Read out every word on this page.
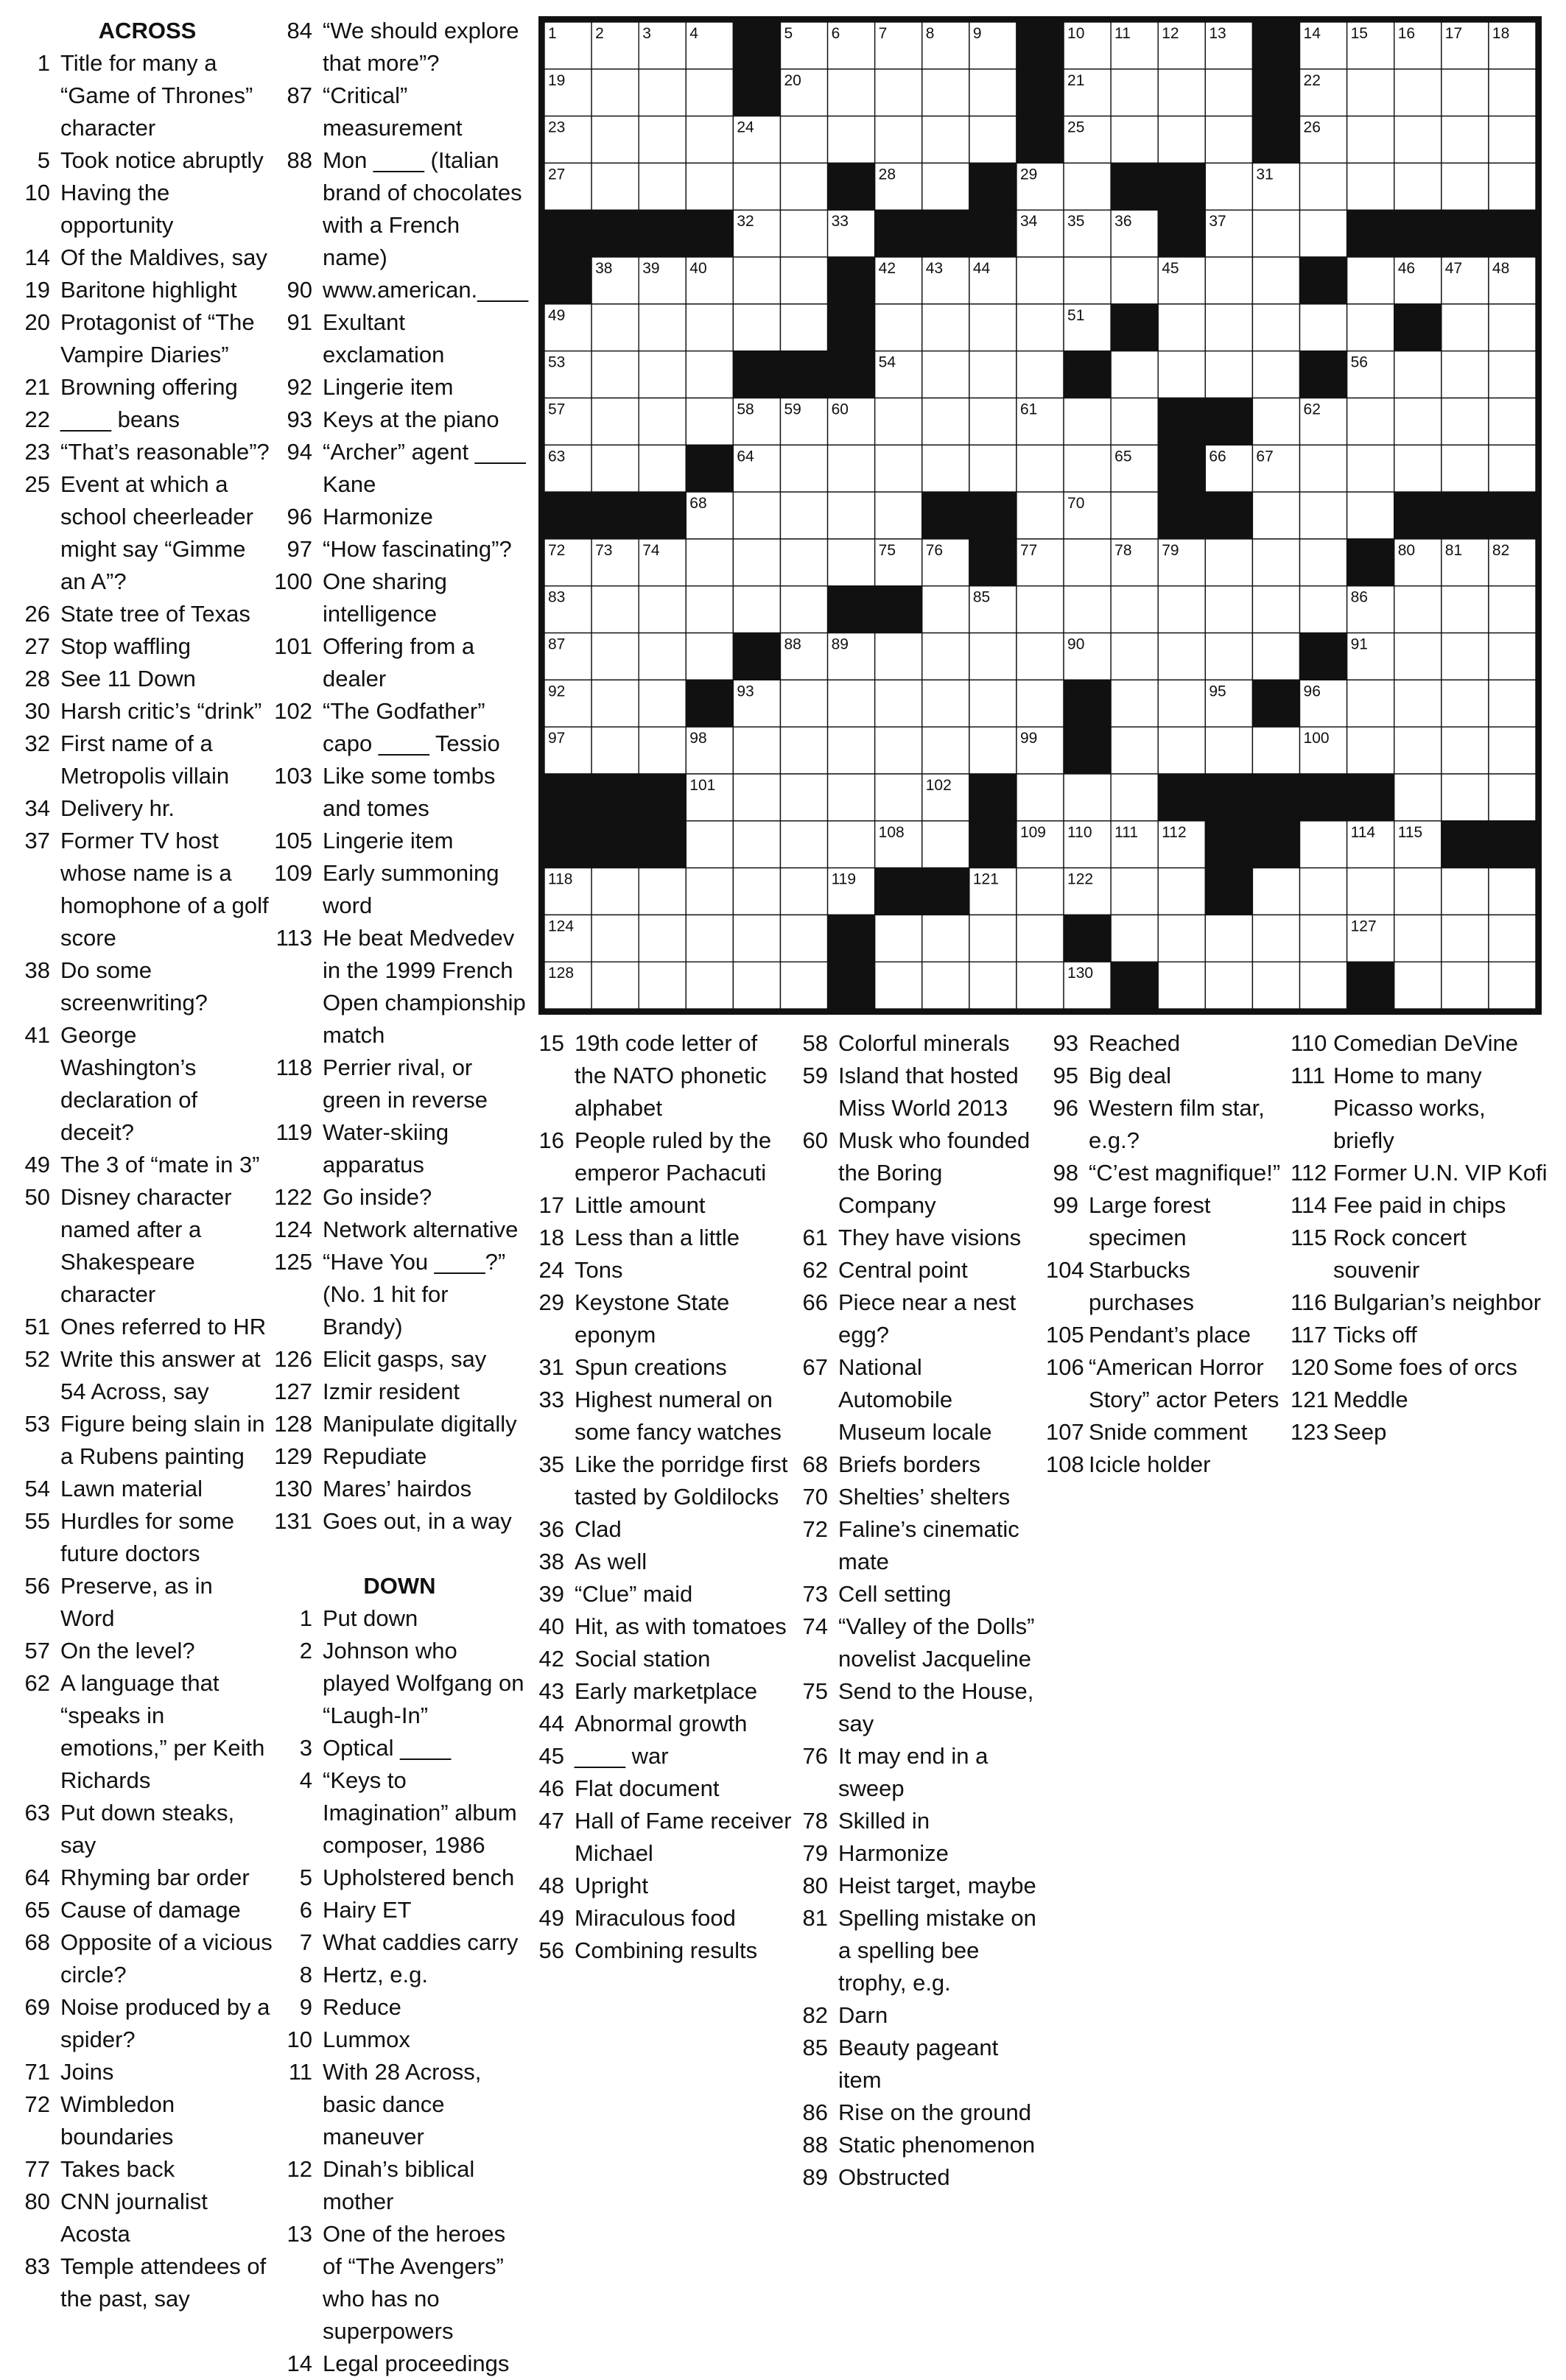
ACROSS
1 Title for many a “Game of Thrones” character
5 Took notice abruptly
10 Having the opportunity
14 Of the Maldives, say
19 Baritone highlight
20 Protagonist of “The Vampire Diaries”
21 Browning offering
22 ____ beans
23 “That’s reasonable”?
25 Event at which a school cheerleader might say “Gimme an A”?
26 State tree of Texas
27 Stop waffling
28 See 11 Down
30 Harsh critic’s “drink”
32 First name of a Metropolis villain
34 Delivery hr.
37 Former TV host whose name is a homophone of a golf score
38 Do some screenwriting?
41 George Washington’s declaration of deceit?
49 The 3 of “mate in 3”
50 Disney character named after a Shakespeare character
51 Ones referred to HR
52 Write this answer at 54 Across, say
53 Figure being slain in a Rubens painting
54 Lawn material
55 Hurdles for some future doctors
56 Preserve, as in Word
57 On the level?
62 A language that “speaks in emotions,” per Keith Richards
63 Put down steaks, say
64 Rhyming bar order
65 Cause of damage
68 Opposite of a vicious circle?
69 Noise produced by a spider?
71 Joins
72 Wimbledon boundaries
77 Takes back
80 CNN journalist Acosta
83 Temple attendees of the past, say
84 “We should explore that more”?
87 “Critical” measurement
88 Mon ____ (Italian brand of chocolates with a French name)
90 www.american.____
91 Exultant exclamation
92 Lingerie item
93 Keys at the piano
94 “Archer” agent ____ Kane
96 Harmonize
97 “How fascinating”?
100 One sharing intelligence
101 Offering from a dealer
102 “The Godfather” capo ____ Tessio
103 Like some tombs and tomes
105 Lingerie item
109 Early summoning word
113 He beat Medvedev in the 1999 French Open championship match
118 Perrier rival, or green in reverse
119 Water-skiing apparatus
122 Go inside?
124 Network alternative
125 “Have You ____?” (No. 1 hit for Brandy)
126 Elicit gasps, say
127 Izmir resident
128 Manipulate digitally
129 Repudiate
130 Mares’ hairdos
131 Goes out, in a way
DOWN
1 Put down
2 Johnson who played Wolfgang on “Laugh-In”
3 Optical ____
4 “Keys to Imagination” album composer, 1986
5 Upholstered bench
6 Hairy ET
7 What caddies carry
8 Hertz, e.g.
9 Reduce
10 Lummox
11 With 28 Across, basic dance maneuver
12 Dinah’s biblical mother
13 One of the heroes of “The Avengers” who has no superpowers
14 Legal proceedings
15 19th code letter of the NATO phonetic alphabet
16 People ruled by the emperor Pachacuti
17 Little amount
18 Less than a little
24 Tons
29 Keystone State eponym
31 Spun creations
33 Highest numeral on some fancy watches
35 Like the porridge first tasted by Goldilocks
36 Clad
38 As well
39 “Clue” maid
40 Hit, as with tomatoes
42 Social station
43 Early marketplace
44 Abnormal growth
45 ____ war
46 Flat document
47 Hall of Fame receiver Michael
48 Upright
49 Miraculous food
56 Combining results
58 Colorful minerals
59 Island that hosted Miss World 2013
60 Musk who founded the Boring Company
61 They have visions
62 Central point
66 Piece near a nest egg?
67 National Automobile Museum locale
68 Briefs borders
70 Shelties’ shelters
72 Faline’s cinematic mate
73 Cell setting
74 “Valley of the Dolls” novelist Jacqueline
75 Send to the House, say
76 It may end in a sweep
78 Skilled in
79 Harmonize
80 Heist target, maybe
81 Spelling mistake on a spelling bee trophy, e.g.
82 Darn
85 Beauty pageant item
86 Rise on the ground
88 Static phenomenon
89 Obstructed
93 Reached
95 Big deal
96 Western film star, e.g.?
98 “C’est magnifique!”
99 Large forest specimen
104 Starbucks purchases
105 Pendant’s place
106 “American Horror Story” actor Peters
107 Snide comment
108 Icicle holder
110 Comedian DeVine
111 Home to many Picasso works, briefly
112 Former U.N. VIP Kofi
114 Fee paid in chips
115 Rock concert souvenir
116 Bulgarian’s neighbor
117 Ticks off
120 Some foes of orcs
121 Meddle
123 Seep
1 2 3 4	5 6 7 8 9	10 11 12 13	14 15 16 17 18
19	20	21	22
23	24	25	26
27	28	29	30	31
32	33	34 35 36	37
38 39 40	41 42 43 44	45	46 47 48
49	50	51	52
53	54	55	56
57	58 59 60	61	62
63	64	65	66 67
68	69	70	71
72 73 74	75 76	77	78 79	80 81 82
83	84	85	86
87	88 89	90	91
92	93	94	95	96
97	98	99	100
101	102	103 104
105 106 107	108	109 110 111 112	113	114 115 116 117
118	119	120 121	122	123
124	125	126	127
128	129	130	131
